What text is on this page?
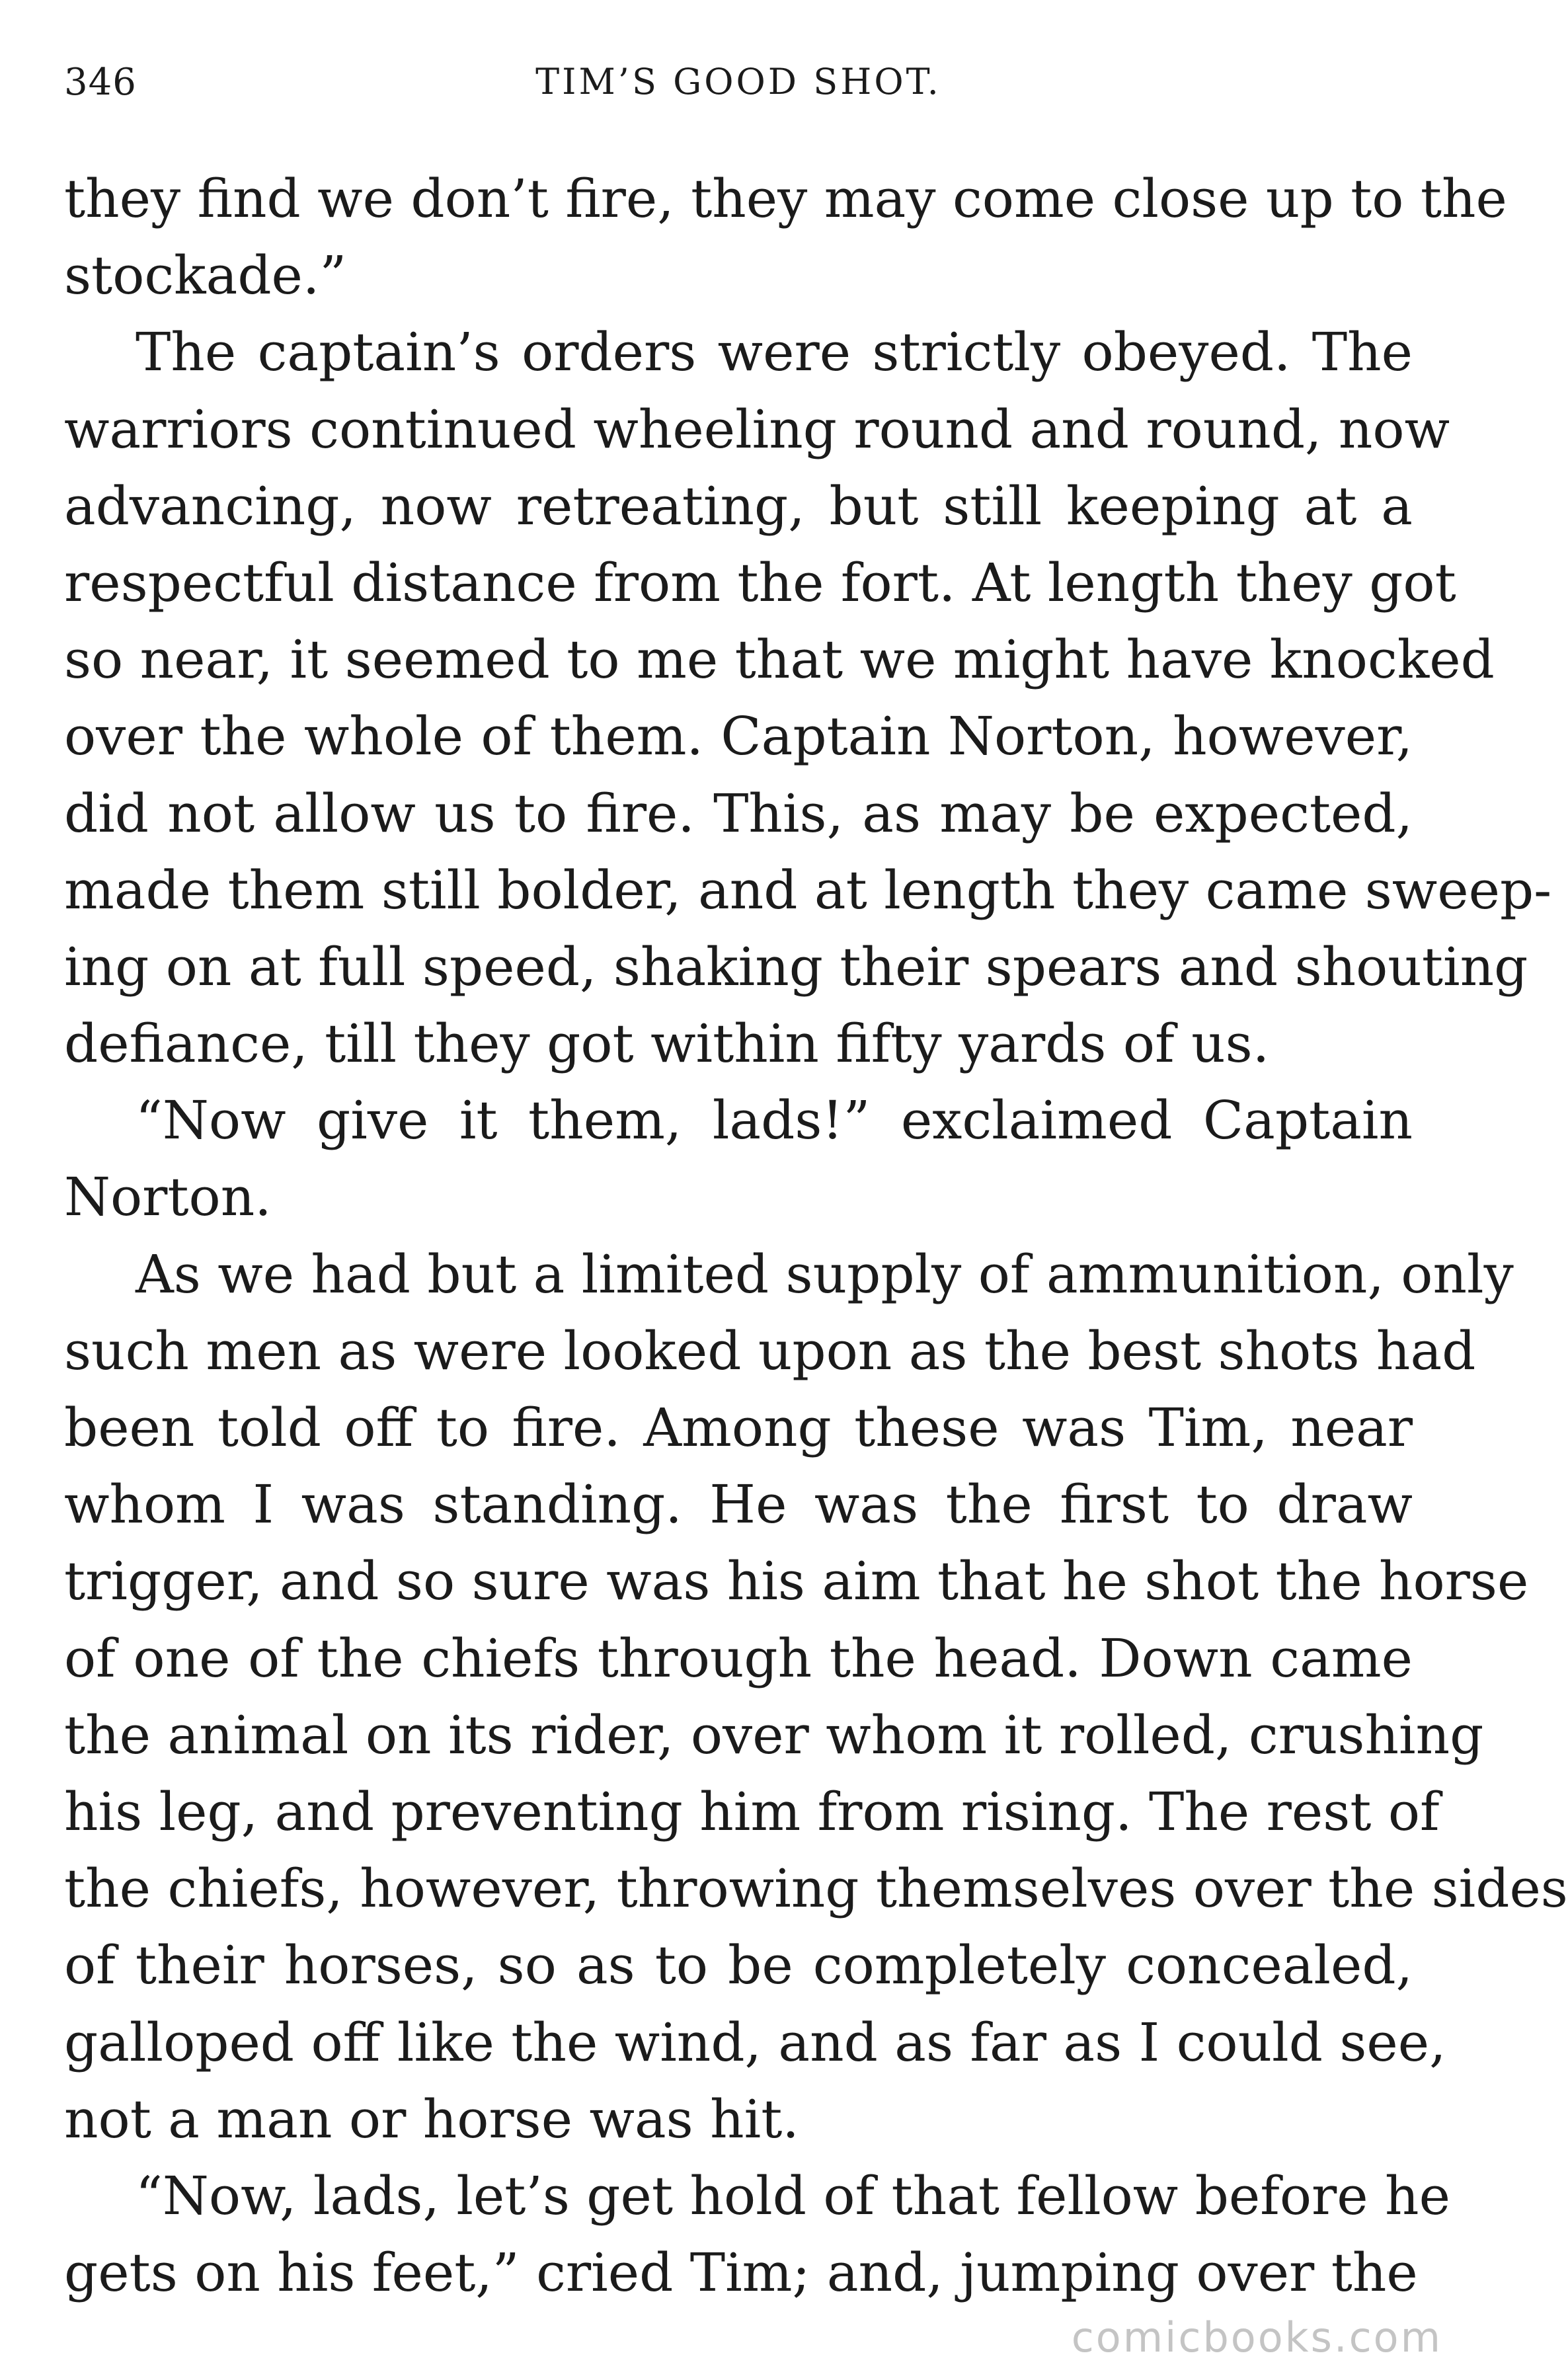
346	TIM’S GOOD SHOT.
they find we don’t fire, they may come close up to the
stockade.”
The captain’s orders were strictly obeyed. The
warriors continued wheeling round and round, now
advancing, now retreating, but still keeping at a
respectful distance from the fort. At length they got
so near, it seemed to me that we might have knocked
over the whole of them. Captain Norton, however,
did not allow us to fire. This, as may be expected,
made them still bolder, and at length they came sweep-
ing on at full speed, shaking their spears and shouting
defiance, till they got within fifty yards of us.
“Now give it them, lads!” exclaimed Captain
Norton.
As we had but a limited supply of ammunition, only
such men as were looked upon as the best shots had
been told off to fire. Among these was Tim, near
whom I was standing. He was the first to draw
trigger, and so sure was his aim that he shot the horse
of one of the chiefs through the head. Down came
the animal on its rider, over whom it rolled, crushing
his leg, and preventing him from rising. The rest of
the chiefs, however, throwing themselves over the sides
of their horses, so as to be completely concealed,
galloped off like the wind, and as far as I could see,
not a man or horse was hit.
“Now, lads, let’s get hold of that fellow before he
gets on his feet,” cried Tim; and, jumping over the
comicbooks.com
